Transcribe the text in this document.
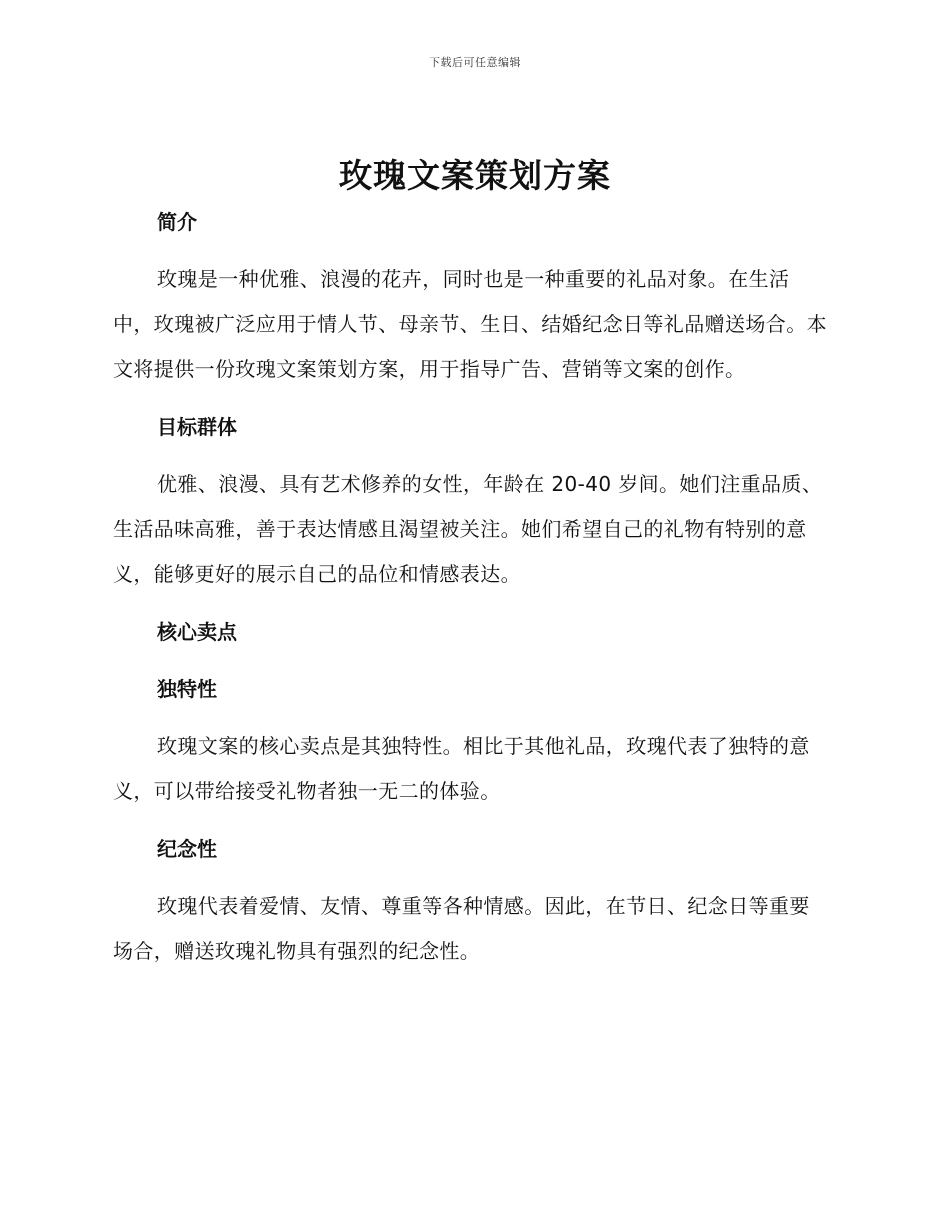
下载后可任意编辑
玫瑰文案策划方案
简介

玫瑰是一种优雅、浪漫的花卉，同时也是一种重要的礼品对象。在生活中，玫瑰被广泛应用于情人节、母亲节、生日、结婚纪念日等礼品赠送场合。本文将提供一份玫瑰文案策划方案，用于指导广告、营销等文案的创作。

目标群体

优雅、浪漫、具有艺术修养的女性，年龄在 20-40 岁间。她们注重品质、生活品味高雅，善于表达情感且渴望被关注。她们希望自己的礼物有特别的意义，能够更好的展示自己的品位和情感表达。

核心卖点
独特性

玫瑰文案的核心卖点是其独特性。相比于其他礼品，玫瑰代表了独特的意义，可以带给接受礼物者独一无二的体验。

纪念性

玫瑰代表着爱情、友情、尊重等各种情感。因此，在节日、纪念日等重要场合，赠送玫瑰礼物具有强烈的纪念性。
